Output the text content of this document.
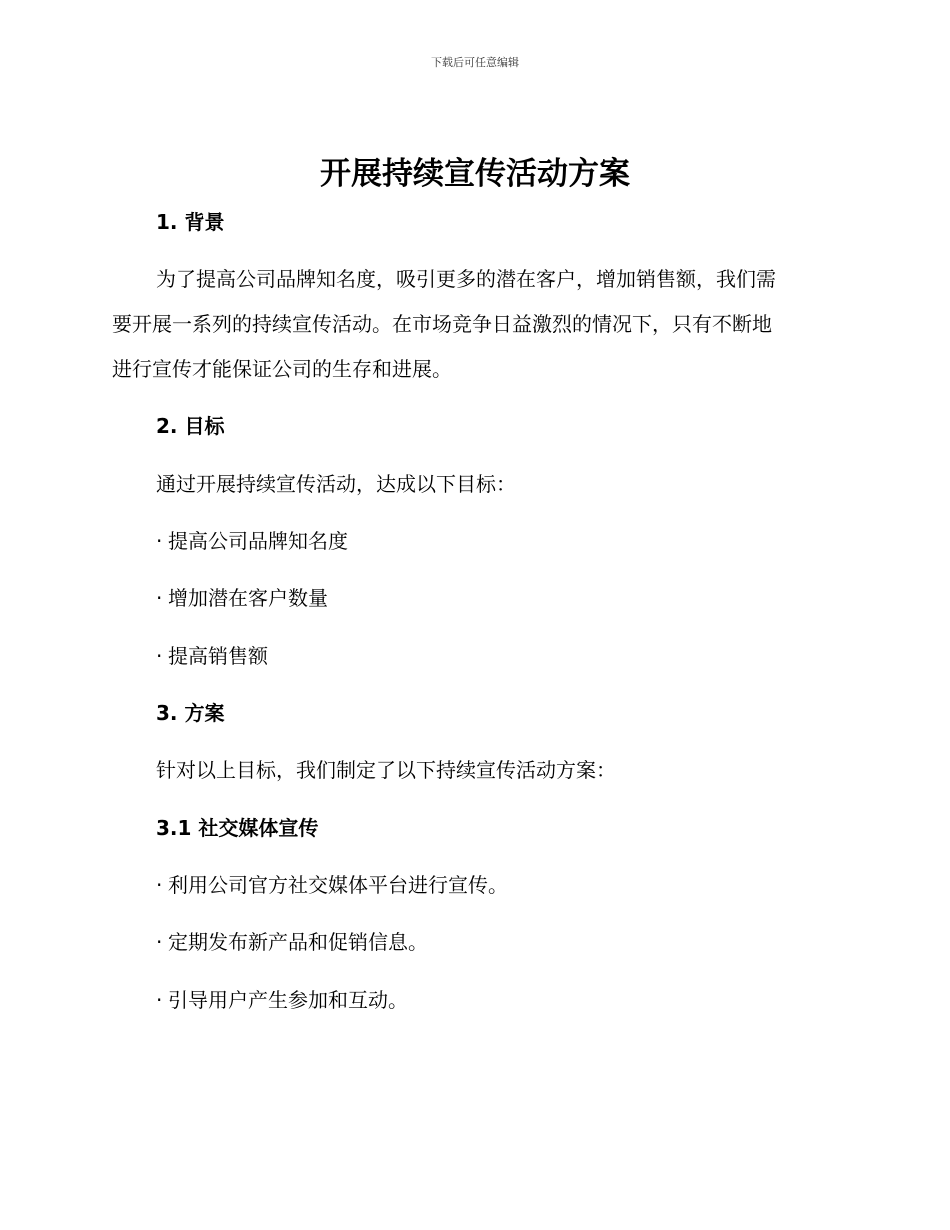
下载后可任意编辑
开展持续宣传活动方案
1. 背景

为了提高公司品牌知名度，吸引更多的潜在客户，增加销售额，我们需

要开展一系列的持续宣传活动。在市场竞争日益激烈的情况下，只有不断地

进行宣传才能保证公司的生存和进展。

2. 目标

通过开展持续宣传活动，达成以下目标：

· 提高公司品牌知名度

· 增加潜在客户数量

· 提高销售额

3. 方案

针对以上目标，我们制定了以下持续宣传活动方案：

3.1 社交媒体宣传

· 利用公司官方社交媒体平台进行宣传。

· 定期发布新产品和促销信息。

· 引导用户产生参加和互动。
